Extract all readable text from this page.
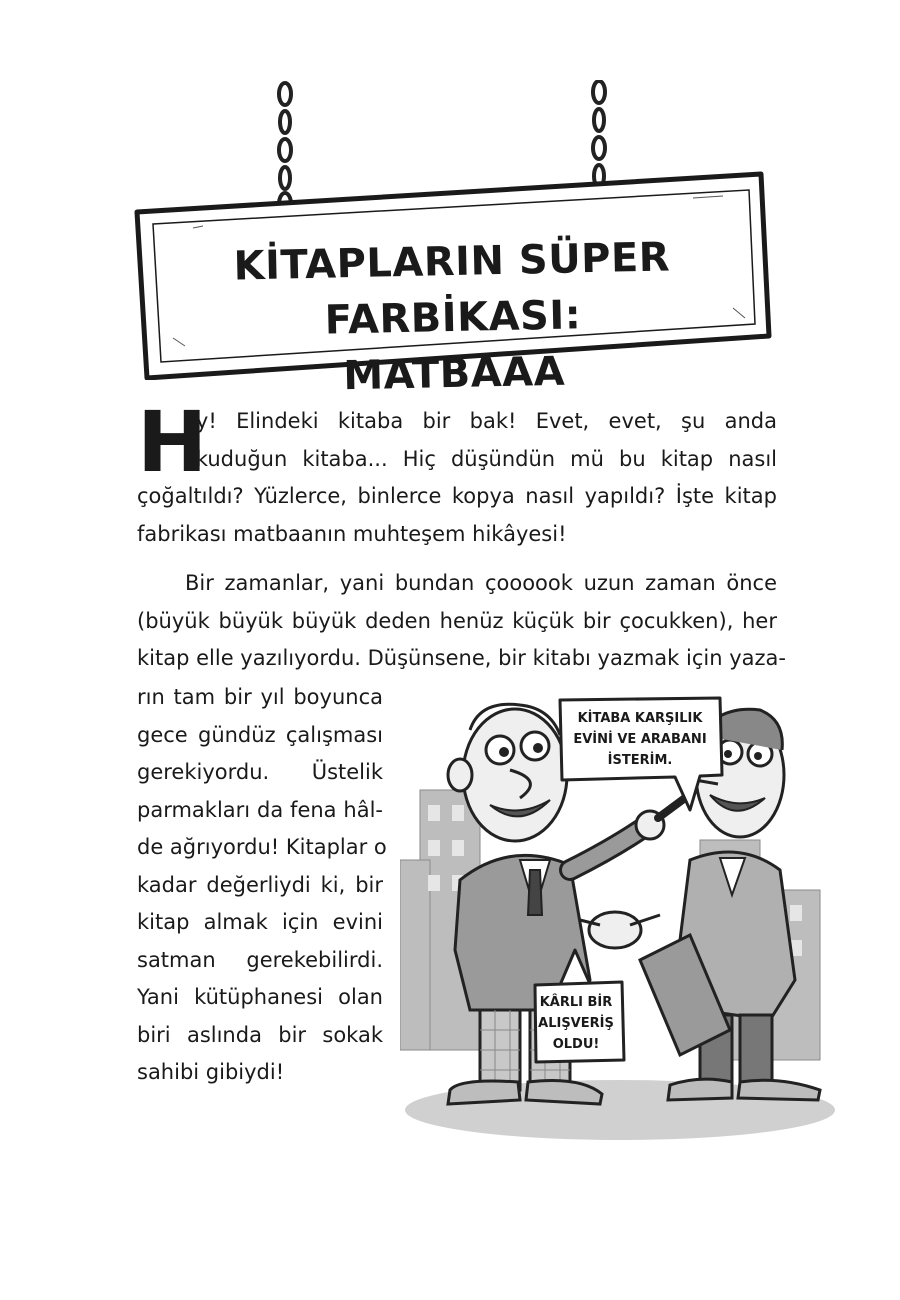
KİTAPLARIN SÜPER FARBİKASI:
MATBAAA
H
ey! Elindeki kitaba bir bak! Evet, evet, şu anda
okuduğun kitaba... Hiç düşündün mü bu kitap nasıl
çoğaltıldı? Yüzlerce, binlerce kopya nasıl yapıldı? İşte kitap
fabrikası matbaanın muhteşem hikâyesi!
Bir zamanlar, yani bundan çoooook uzun zaman önce
(büyük büyük büyük deden henüz küçük bir çocukken), her
kitap elle yazılıyordu. Düşünsene, bir kitabı yazmak için yaza-
rın tam bir yıl boyunca
gece gündüz çalışması
gerekiyordu. Üstelik
parmakları da fena hâl-
de ağrıyordu! Kitaplar o
kadar değerliydi ki, bir
kitap almak için evini
satman gerekebilirdi.
Yani kütüphanesi olan
biri aslında bir sokak
sahibi gibiydi!
KİTABA KARŞILIK
EVİNİ VE ARABANI
İSTERİM.
KÂRLI BİR
ALIŞVERİŞ
OLDU!
